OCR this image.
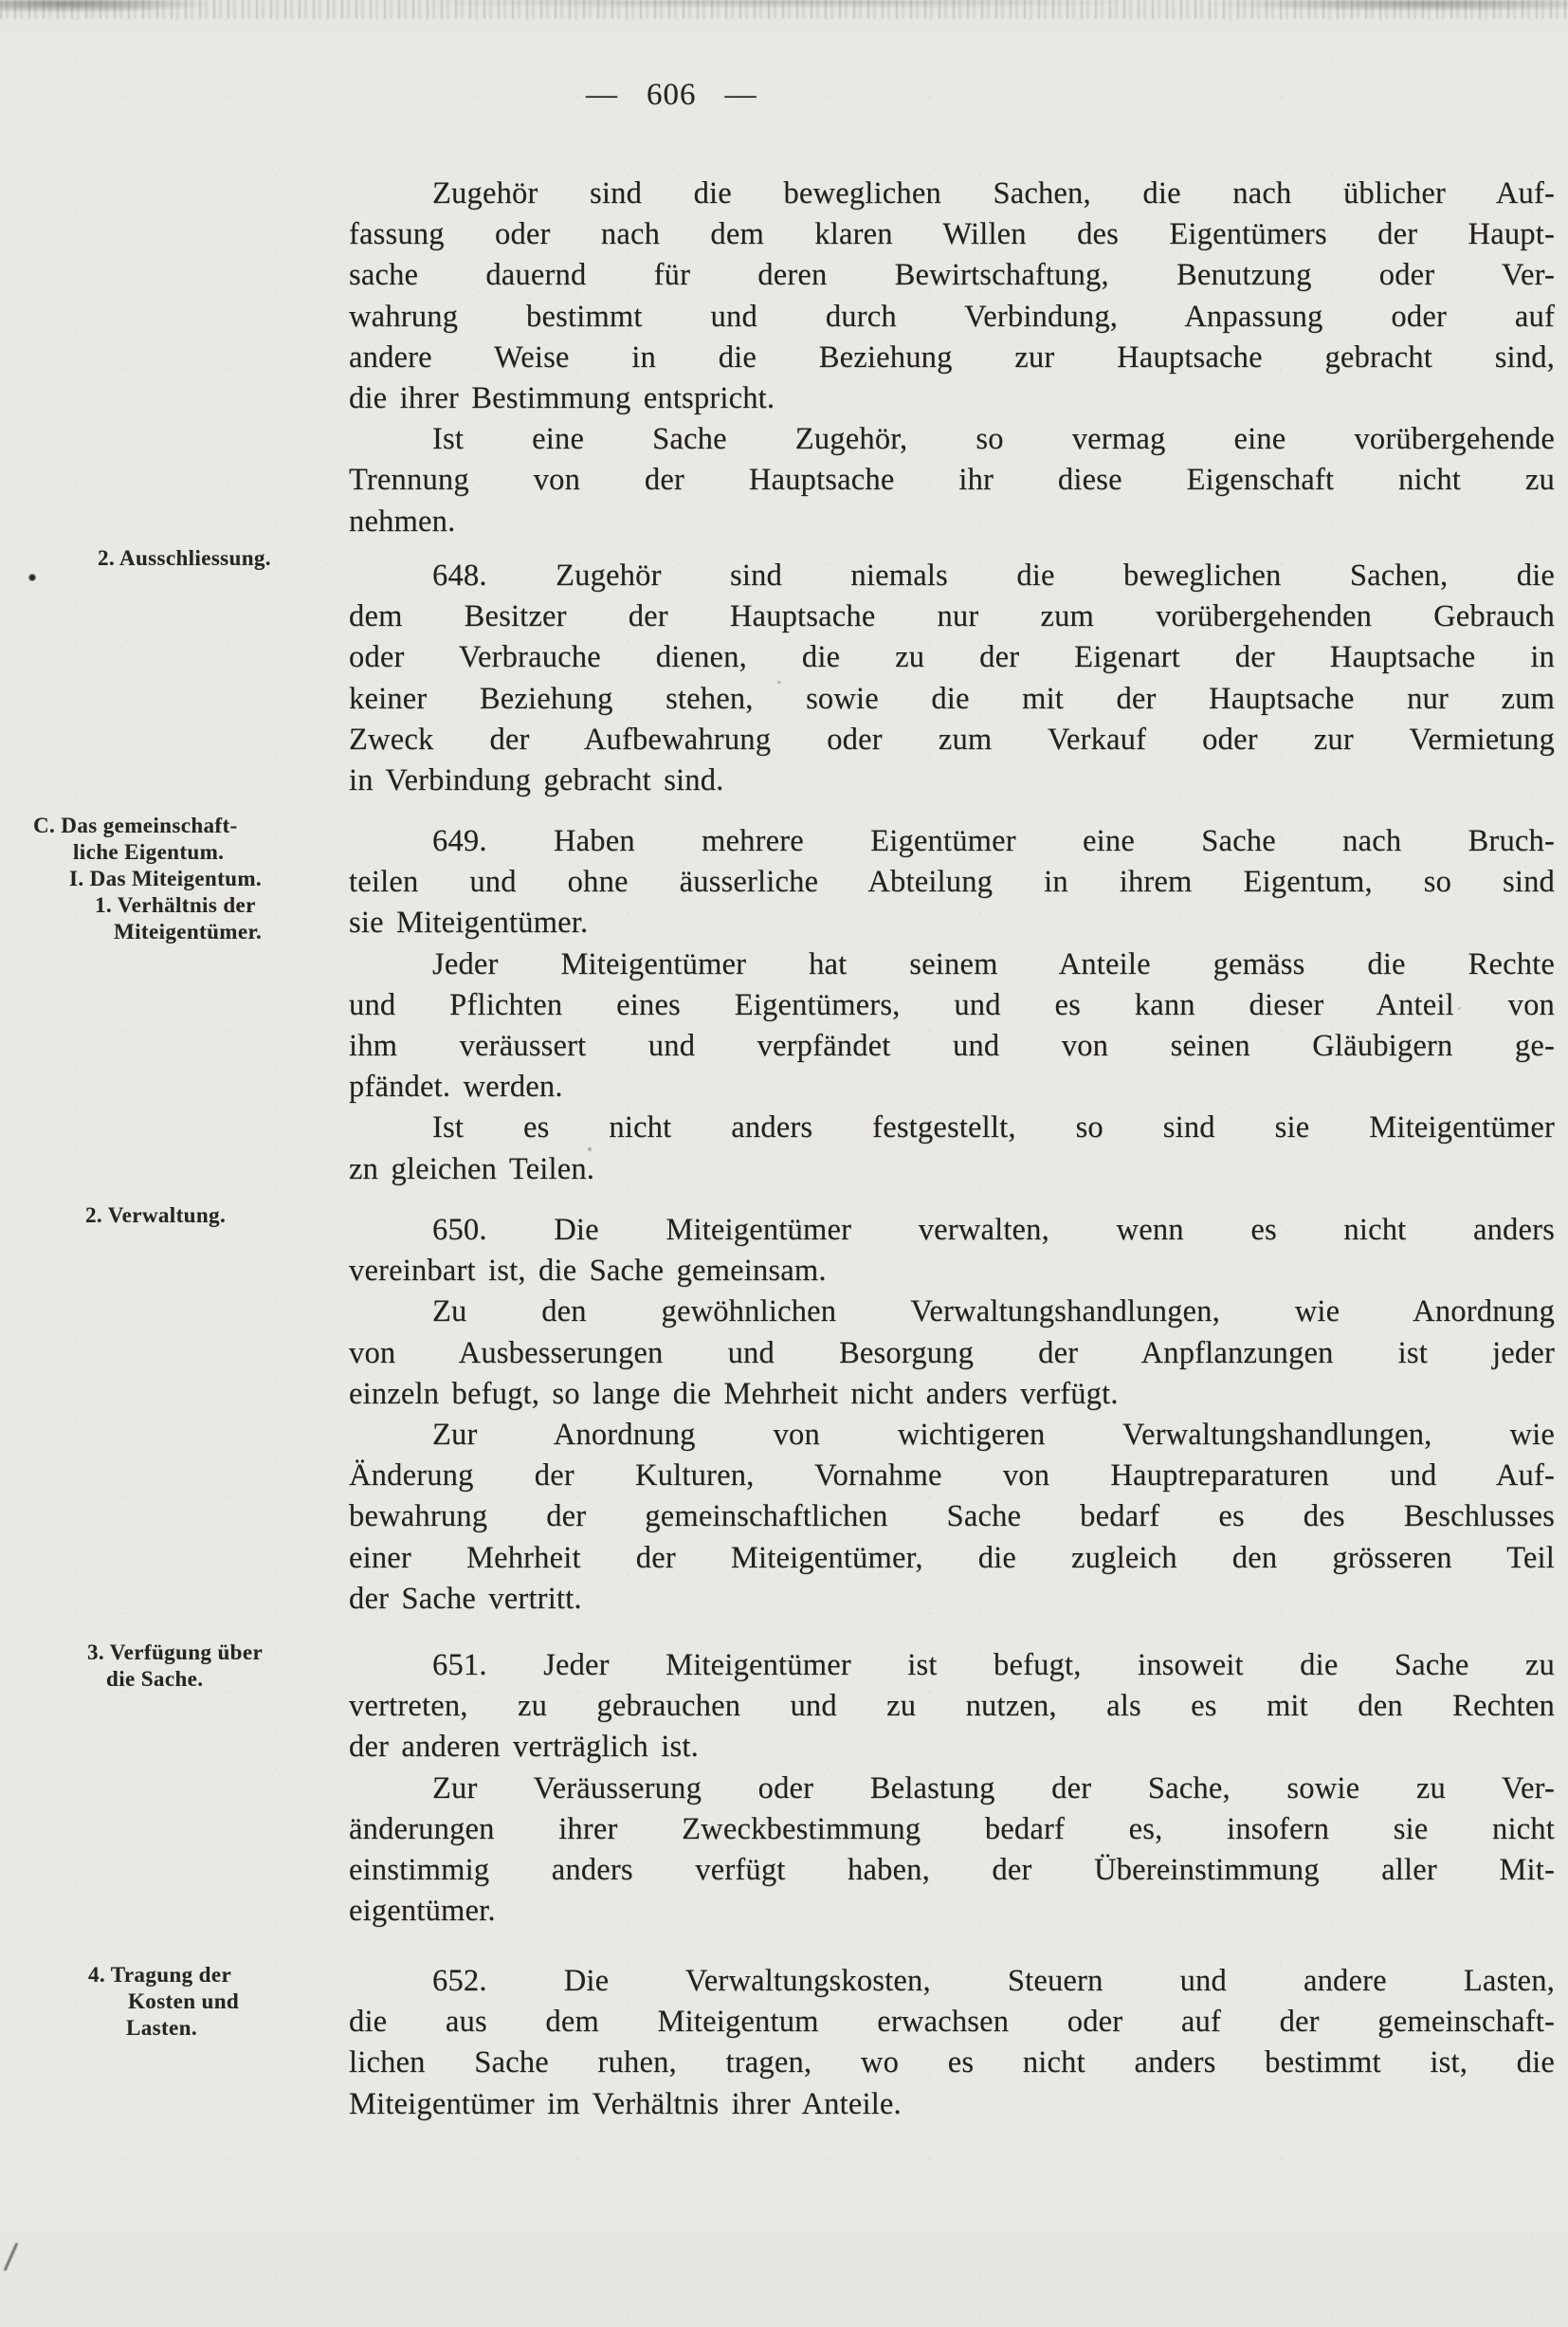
— 606 —
2. Ausschliessung.
C. Das gemeinschaft-
liche Eigentum.
I. Das Miteigentum.
1. Verhältnis der
Miteigentümer.
2. Verwaltung.
3. Verfügung über
die Sache.
4. Tragung der
Kosten und
Lasten.
Zugehör sind die beweglichen Sachen, die nach üblicher Auf-
fassung oder nach dem klaren Willen des Eigentümers der Haupt-
sache dauernd für deren Bewirtschaftung, Benutzung oder Ver-
wahrung bestimmt und durch Verbindung, Anpassung oder auf
andere Weise in die Beziehung zur Hauptsache gebracht sind,
die ihrer Bestimmung entspricht.
Ist eine Sache Zugehör, so vermag eine vorübergehende
Trennung von der Hauptsache ihr diese Eigenschaft nicht zu
nehmen.
648. Zugehör sind niemals die beweglichen Sachen, die
dem Besitzer der Hauptsache nur zum vorübergehenden Gebrauch
oder Verbrauche dienen, die zu der Eigenart der Hauptsache in
keiner Beziehung stehen, sowie die mit der Hauptsache nur zum
Zweck der Aufbewahrung oder zum Verkauf oder zur Vermietung
in Verbindung gebracht sind.
649. Haben mehrere Eigentümer eine Sache nach Bruch-
teilen und ohne äusserliche Abteilung in ihrem Eigentum, so sind
sie Miteigentümer.
Jeder Miteigentümer hat seinem Anteile gemäss die Rechte
und Pflichten eines Eigentümers, und es kann dieser Anteil von
ihm veräussert und verpfändet und von seinen Gläubigern ge-
pfändet. werden.
Ist es nicht anders festgestellt, so sind sie Miteigentümer
zn gleichen Teilen.
650. Die Miteigentümer verwalten, wenn es nicht anders
vereinbart ist, die Sache gemeinsam.
Zu den gewöhnlichen Verwaltungshandlungen, wie Anordnung
von Ausbesserungen und Besorgung der Anpflanzungen ist jeder
einzeln befugt, so lange die Mehrheit nicht anders verfügt.
Zur Anordnung von wichtigeren Verwaltungshandlungen, wie
Änderung der Kulturen, Vornahme von Hauptreparaturen und Auf-
bewahrung der gemeinschaftlichen Sache bedarf es des Beschlusses
einer Mehrheit der Miteigentümer, die zugleich den grösseren Teil
der Sache vertritt.
651. Jeder Miteigentümer ist befugt, insoweit die Sache zu
vertreten, zu gebrauchen und zu nutzen, als es mit den Rechten
der anderen verträglich ist.
Zur Veräusserung oder Belastung der Sache, sowie zu Ver-
änderungen ihrer Zweckbestimmung bedarf es, insofern sie nicht
einstimmig anders verfügt haben, der Übereinstimmung aller Mit-
eigentümer.
652. Die Verwaltungskosten, Steuern und andere Lasten,
die aus dem Miteigentum erwachsen oder auf der gemeinschaft-
lichen Sache ruhen, tragen, wo es nicht anders bestimmt ist, die
Miteigentümer im Verhältnis ihrer Anteile.
